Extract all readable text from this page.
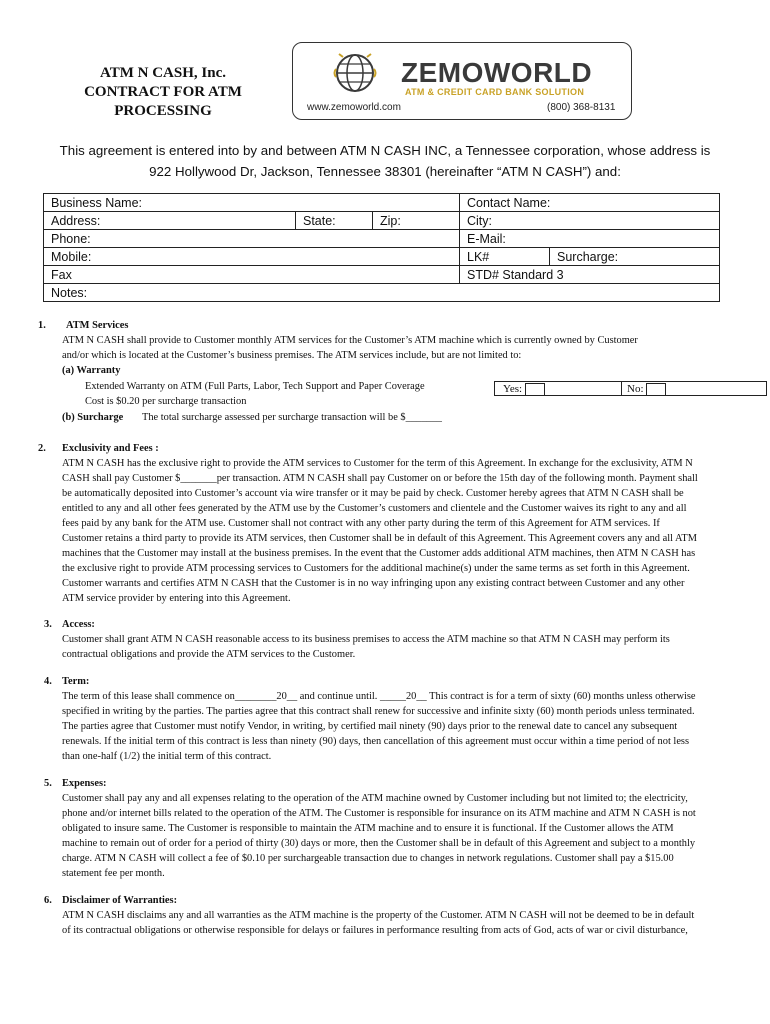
ATM N CASH, Inc.
CONTRACT FOR ATM
PROCESSING
ZEMOWORLD
ATM & CREDIT CARD BANK SOLUTION
www.zemoworld.com	(800) 368-8131
This agreement is entered into by and between ATM N CASH INC, a Tennessee corporation, whose address is
922 Hollywood Dr, Jackson, Tennessee 38301 (hereinafter “ATM N CASH”) and:
Business Name:			Contact Name:	
Address:	State:	Zip:	City:	
Phone:			E-Mail:	
Mobile:			LK#	Surcharge:
Fax			STD# Standard 3	
Notes:				
1. ATM Services
ATM N CASH shall provide to Customer monthly ATM services for the Customer’s ATM machine which is currently owned by Customer
and/or which is located at the Customer’s business premises. The ATM services include, but are not limited to:
(a) Warranty
Extended Warranty on ATM (Full Parts, Labor, Tech Support and Paper Coverage
Cost is $0.20 per surcharge transaction
Yes:	No:
(b) Surcharge The total surcharge assessed per surcharge transaction will be $_______
2. Exclusivity and Fees :
ATM N CASH has the exclusive right to provide the ATM services to Customer for the term of this Agreement. In exchange for the exclusivity, ATM N
CASH shall pay Customer $_______per transaction. ATM N CASH shall pay Customer on or before the 15th day of the following month. Payment shall
be automatically deposited into Customer’s account via wire transfer or it may be paid by check. Customer hereby agrees that ATM N CASH shall be
entitled to any and all other fees generated by the ATM use by the Customer’s customers and clientele and the Customer waives its right to any and all
fees paid by any bank for the ATM use. Customer shall not contract with any other party during the term of this Agreement for ATM services. If
Customer retains a third party to provide its ATM services, then Customer shall be in default of this Agreement. This Agreement covers any and all ATM
machines that the Customer may install at the business premises. In the event that the Customer adds additional ATM machines, then ATM N CASH has
the exclusive right to provide ATM processing services to Customers for the additional machine(s) under the same terms as set forth in this Agreement.
Customer warrants and certifies ATM N CASH that the Customer is in no way infringing upon any existing contract between Customer and any other
ATM service provider by entering into this Agreement.
3. Access:
Customer shall grant ATM N CASH reasonable access to its business premises to access the ATM machine so that ATM N CASH may perform its
contractual obligations and provide the ATM services to the Customer.
4. Term:
The term of this lease shall commence on________20__ and continue until. _____20__ This contract is for a term of sixty (60) months unless otherwise
specified in writing by the parties. The parties agree that this contract shall renew for successive and infinite sixty (60) month periods unless terminated.
The parties agree that Customer must notify Vendor, in writing, by certified mail ninety (90) days prior to the renewal date to cancel any subsequent
renewals. If the initial term of this contract is less than ninety (90) days, then cancellation of this agreement must occur within a time period of not less
than one-half (1/2) the initial term of this contract.
5. Expenses:
Customer shall pay any and all expenses relating to the operation of the ATM machine owned by Customer including but not limited to; the electricity,
phone and/or internet bills related to the operation of the ATM. The Customer is responsible for insurance on its ATM machine and ATM N CASH is not
obligated to insure same. The Customer is responsible to maintain the ATM machine and to ensure it is functional. If the Customer allows the ATM
machine to remain out of order for a period of thirty (30) days or more, then the Customer shall be in default of this Agreement and subject to a monthly
charge. ATM N CASH will collect a fee of $0.10 per surchargeable transaction due to changes in network regulations. Customer shall pay a $15.00
statement fee per month.
6. Disclaimer of Warranties:
ATM N CASH disclaims any and all warranties as the ATM machine is the property of the Customer. ATM N CASH will not be deemed to be in default
of its contractual obligations or otherwise responsible for delays or failures in performance resulting from acts of God, acts of war or civil disturbance,
